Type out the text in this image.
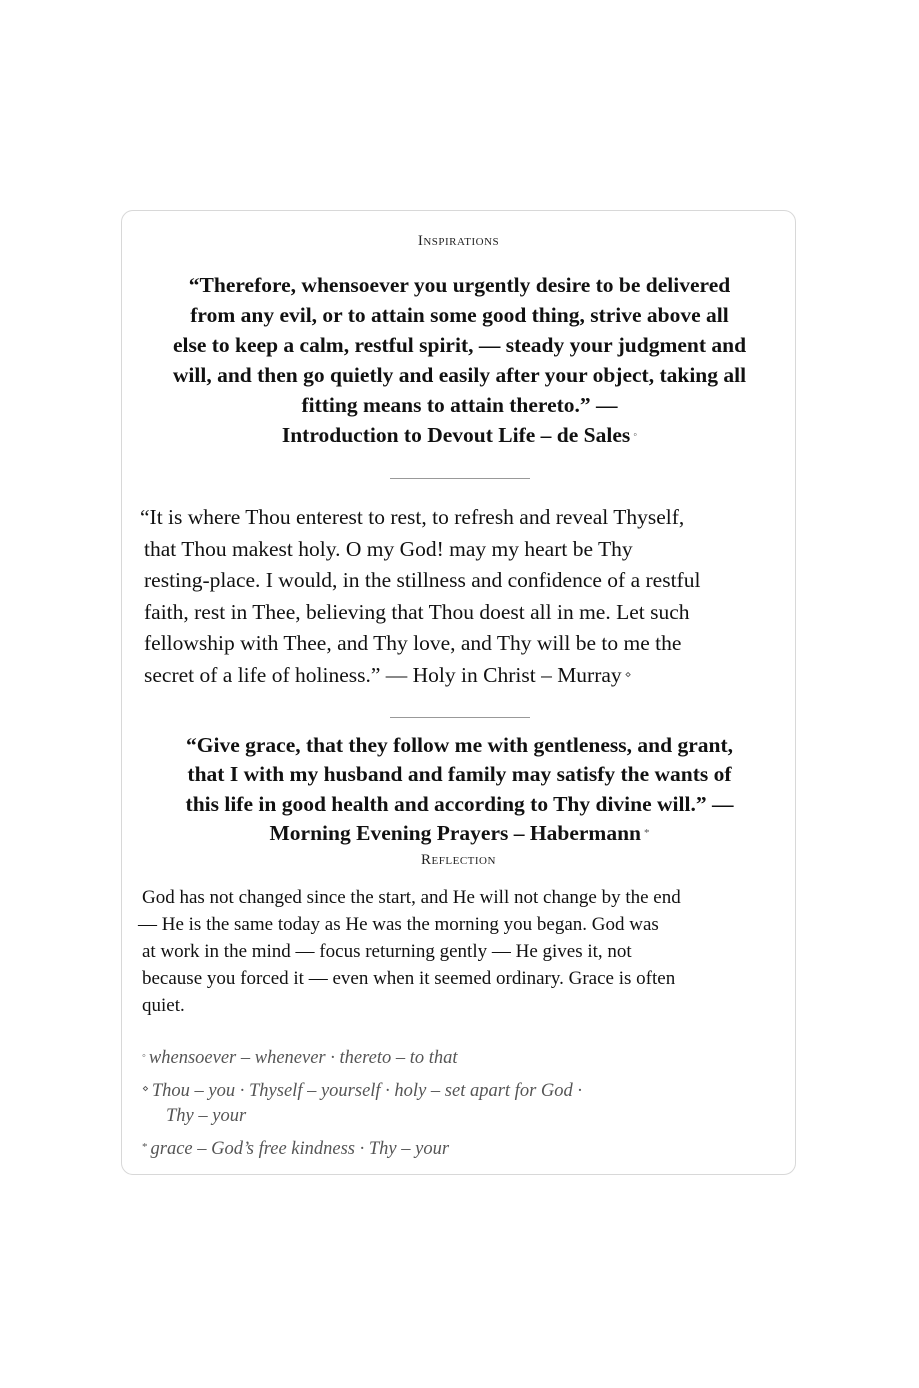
Inspirations
“Therefore, whensoever you urgently desire to be delivered
from any evil, or to attain some good thing, strive above all
else to keep a calm, restful spirit, — steady your judgment and
will, and then go quietly and easily after your object, taking all
fitting means to attain thereto.” —
Introduction to Devout Life – de Sales ◦
“It is where Thou enterest to rest, to refresh and reveal Thyself,
that Thou makest holy. O my God! may my heart be Thy
resting-place. I would, in the stillness and confidence of a restful
faith, rest in Thee, believing that Thou doest all in me. Let such
fellowship with Thee, and Thy love, and Thy will be to me the
secret of a life of holiness.” — Holy in Christ – Murray ⋄
“Give grace, that they follow me with gentleness, and grant,
that I with my husband and family may satisfy the wants of
this life in good health and according to Thy divine will.” —
Morning Evening Prayers – Habermann *
Reflection
God has not changed since the start, and He will not change by the end
— He is the same today as He was the morning you began. God was
at work in the mind — focus returning gently — He gives it, not
because you forced it — even when it seemed ordinary. Grace is often
quiet.
◦ whensoever – whenever · thereto – to that
⋄ Thou – you · Thyself – yourself · holy – set apart for God ·
Thy – your
* grace – God’s free kindness · Thy – your
